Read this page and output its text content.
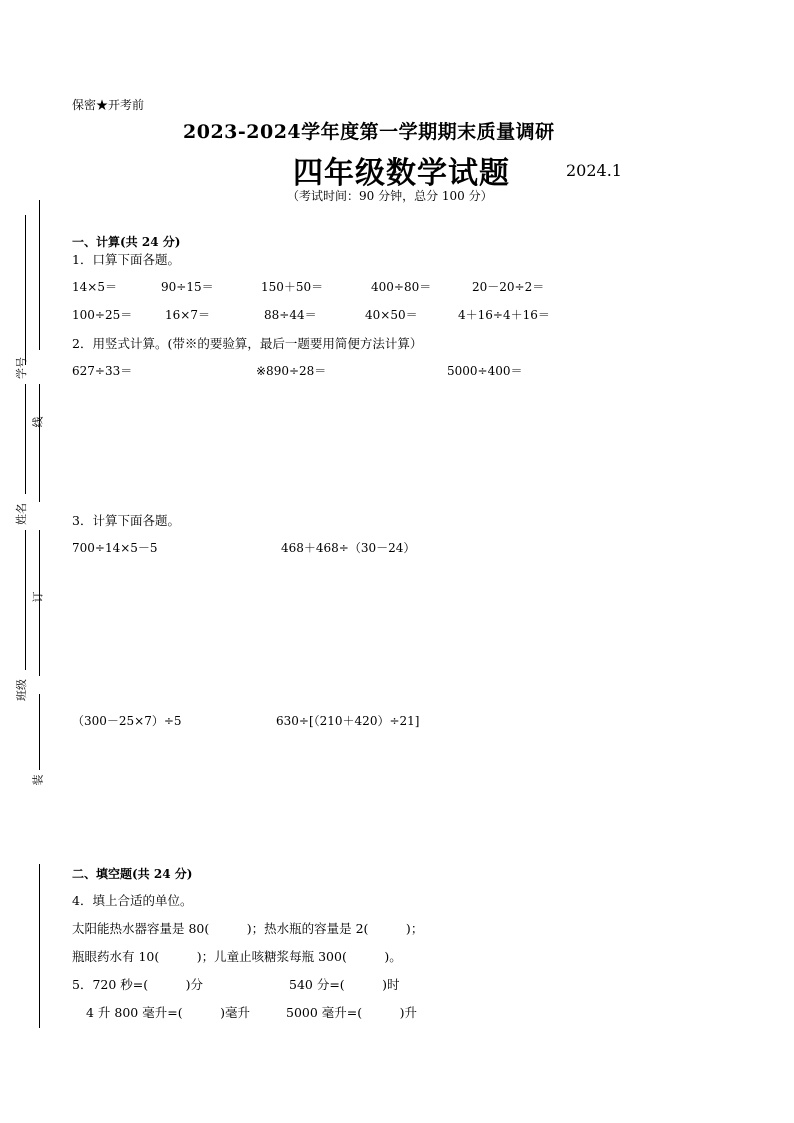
保密★开考前
2023-2024学年度第一学期期末质量调研
四年级数学试题	2024.1
（考试时间：90 分钟，总分 100 分）
学号
线
姓名
订
班级
装
一、计算(共 24 分)
1．口算下面各题。
14×5＝	90÷15＝	150＋50＝	400÷80＝	20－20÷2＝
100÷25＝	16×7＝	88÷44＝	40×50＝	4＋16÷4＋16＝
2．用竖式计算。(带※的要验算，最后一题要用简便方法计算）
627÷33＝	※890÷28＝	5000÷400＝
3．计算下面各题。
700÷14×5－5	468＋468÷（30－24）
（300－25×7）÷5	630÷[（210＋420）÷21]
二、填空题(共 24 分)
4．填上合适的单位。
太阳能热水器容量是 80(　　　)；热水瓶的容量是 2(　　　)；
瓶眼药水有 10(　　　)；儿童止咳糖浆每瓶 300(　　　)。
5．720 秒=(　　　)分	540 分=(　　　)时
4 升 800 毫升=(　　　)毫升	5000 毫升=(　　　)升
